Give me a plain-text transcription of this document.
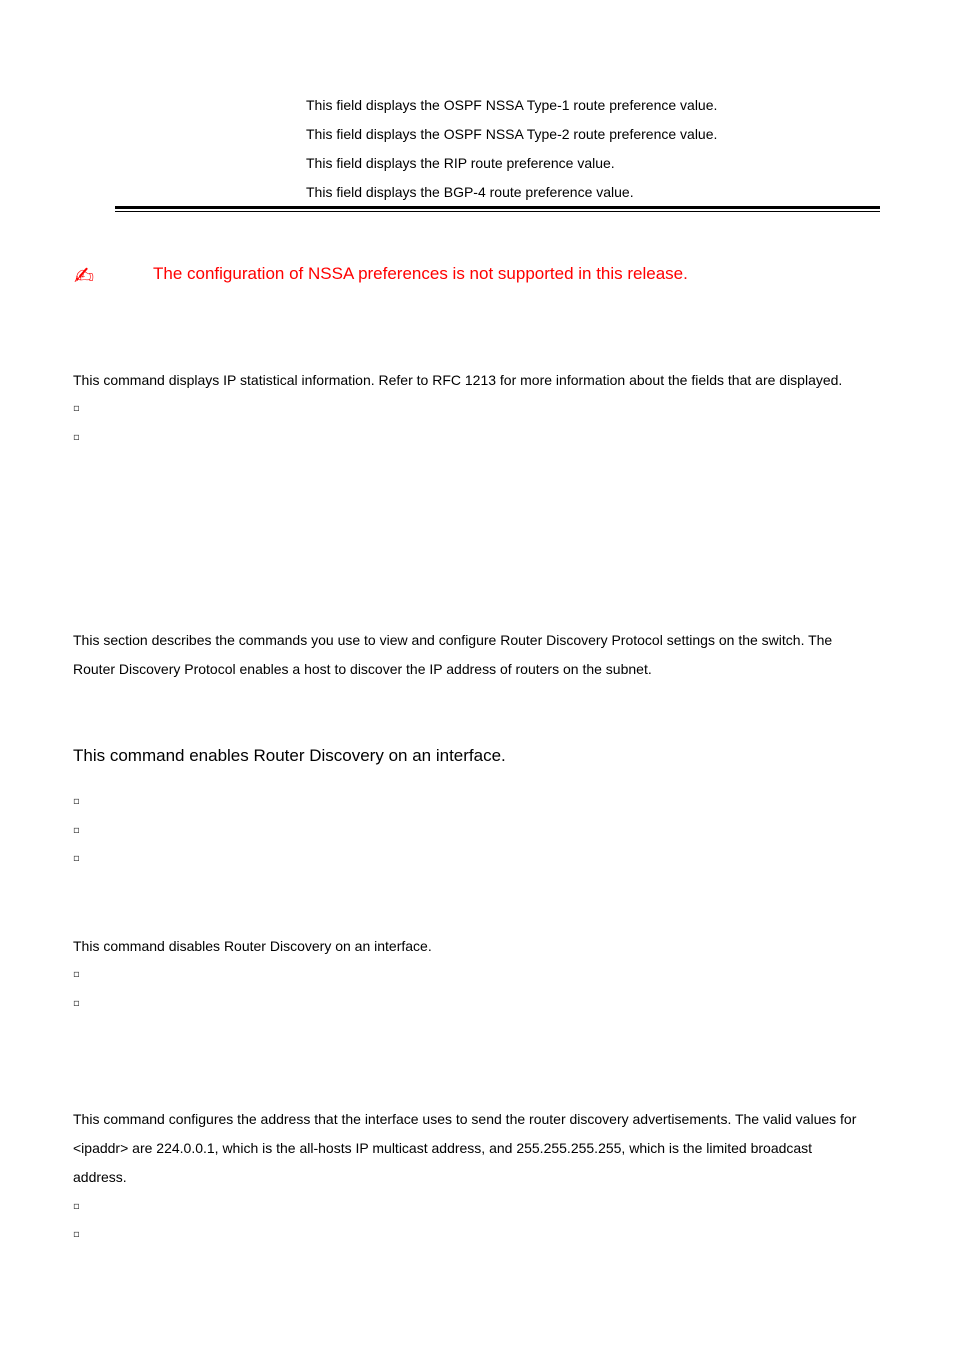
This field displays the OSPF NSSA Type-1 route preference value.
This field displays the OSPF NSSA Type-2 route preference value.
This field displays the RIP route preference value.
This field displays the BGP-4 route preference value.
✍	The configuration of NSSA preferences is not supported in this release.
This command displays IP statistical information. Refer to RFC 1213 for more information about the fields that are displayed.
▫
▫
This section describes the commands you use to view and configure Router Discovery Protocol settings on the switch. The
Router Discovery Protocol enables a host to discover the IP address of routers on the subnet.
This command enables Router Discovery on an interface.
▫
▫
▫
This command disables Router Discovery on an interface.
▫
▫
This command configures the address that the interface uses to send the router discovery advertisements. The valid values for
<ipaddr> are 224.0.0.1, which is the all-hosts IP multicast address, and 255.255.255.255, which is the limited broadcast
address.
▫
▫
